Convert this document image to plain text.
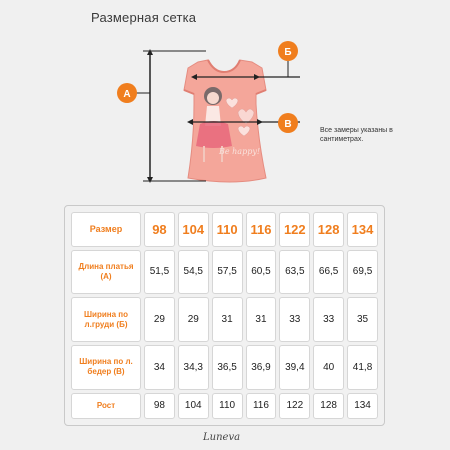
Размерная сетка
Be happy!
А
Б
В
Все замеры указаны в сантиметрах.
Размер	98	104	110	116	122	128	134
Длина платья (А)	51,5	54,5	57,5	60,5	63,5	66,5	69,5
Ширина по л.груди (Б)	29	29	31	31	33	33	35
Ширина по л. бедер (В)	34	34,3	36,5	36,9	39,4	40	41,8
Рост	98	104	110	116	122	128	134
Luneva
